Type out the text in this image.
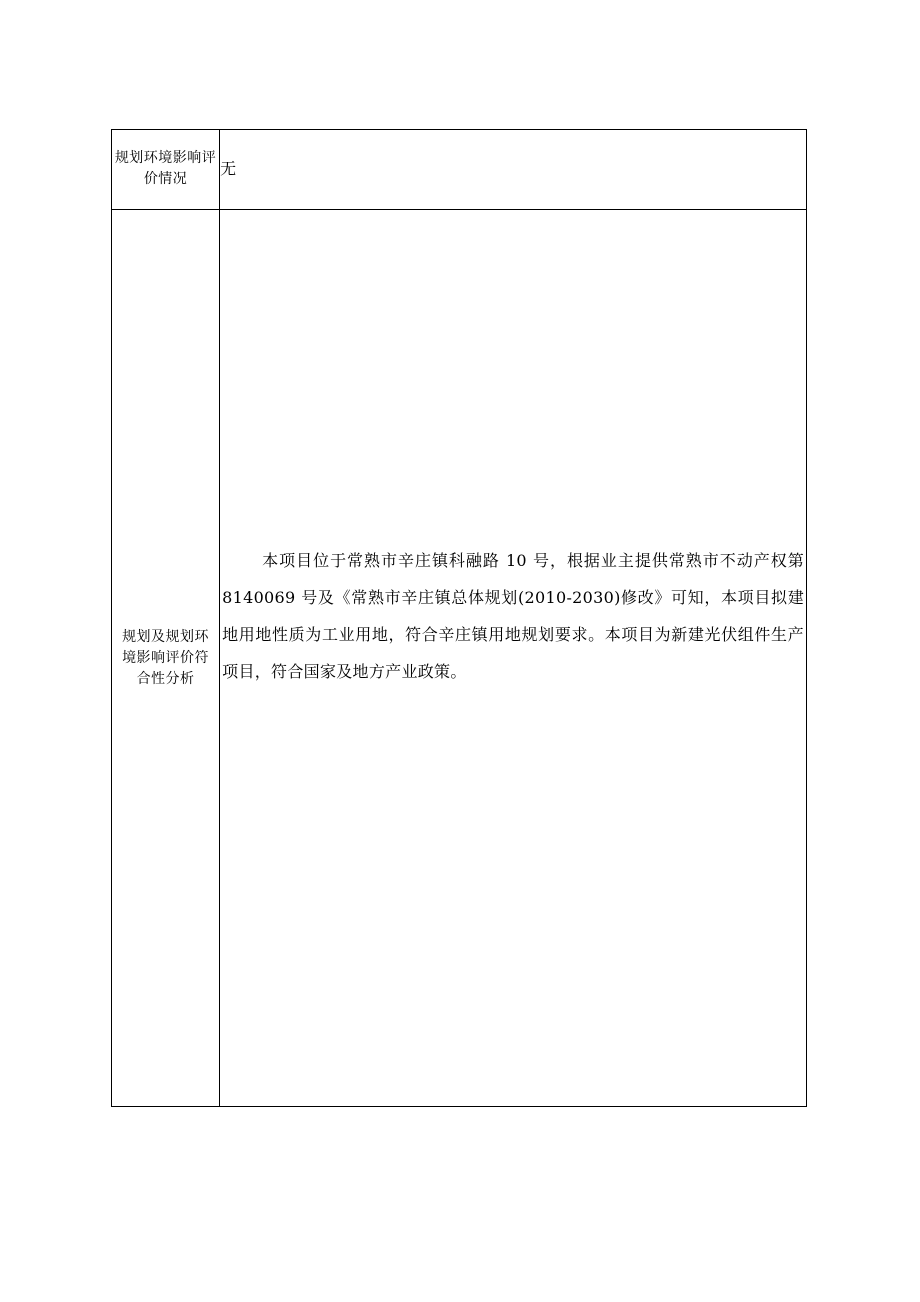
规划环境影响评价情况	无

规划及规划环境影响评价符合性分析	本项目位于常熟市辛庄镇科融路 10 号，根据业主提供常熟市不动产权第 8140069 号及《常熟市辛庄镇总体规划(2010-2030)修改》可知，本项目拟建地用地性质为工业用地，符合辛庄镇用地规划要求。本项目为新建光伏组件生产项目，符合国家及地方产业政策。
